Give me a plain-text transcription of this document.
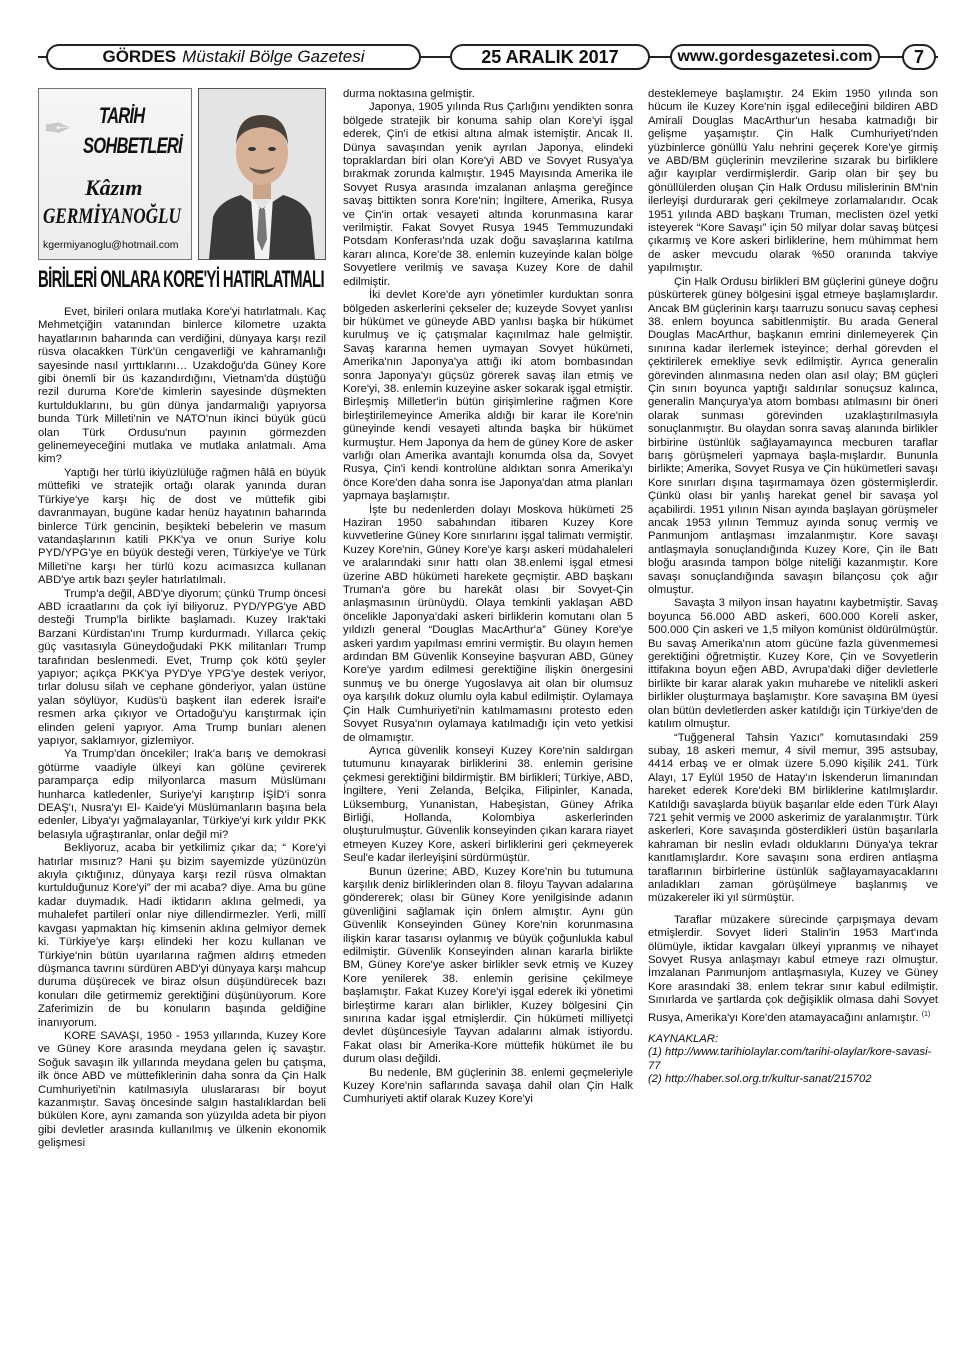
GÖRDES Müstakil Bölge Gazetesi	25 ARALIK 2017	www.gordesgazetesi.com	7
✒ TARİH
SOHBETLERİ
Kâzım
GERMİYANOĞLU
kgermiyanoglu@hotmail.com
BİRİLERİ ONLARA KORE'Yİ HATIRLATMALI

Evet, birileri onlara mutlaka Kore'yi hatırlatmalı. Kaç Mehmetçiğin vatanından binlerce kilometre uzakta hayatlarının baharında can verdiğini, dünyaya karşı rezil rüsva olacakken Türk'ün cengaverliği ve kahramanlığı sayesinde nasıl yırttıklarını… Uzakdoğu'da Güney Kore gibi önemli bir üs kazandırdığını, Vietnam'da düştüğü rezil duruma Kore'de kimlerin sayesinde düşmekten kurtulduklarını, bu gün dünya jandarmalığı yapıyorsa bunda Türk Milleti'nin ve NATO'nun ikinci büyük gücü olan Türk Ordusu'nun payının görmezden gelinemeyeceğini mutlaka ve mutlaka anlatmalı. Ama kim?

Yaptığı her türlü ikiyüzlülüğe rağmen hâlâ en büyük müttefiki ve stratejik ortağı olarak yanında duran Türkiye'ye karşı hiç de dost ve müttefik gibi davranmayan, bugüne kadar henüz hayatının baharında binlerce Türk gencinin, beşikteki bebelerin ve masum vatandaşlarının katili PKK'ya ve onun Suriye kolu PYD/YPG'ye en büyük desteği veren, Türkiye'ye ve Türk Milleti'ne karşı her türlü kozu acımasızca kullanan ABD'ye artık bazı şeyler hatırlatılmalı.

Trump'a değil, ABD'ye diyorum; çünkü Trump öncesi ABD icraatlarını da çok iyi biliyoruz. PYD/YPG'ye ABD desteği Trump'la birlikte başlamadı. Kuzey Irak'taki Barzani Kürdistan'ını Trump kurdurmadı. Yıllarca çekiç güç vasıtasıyla Güneydoğudaki PKK militanları Trump tarafından beslenmedi. Evet, Trump çok kötü şeyler yapıyor; açıkça PKK'ya PYD'ye YPG'ye destek veriyor, tırlar dolusu silah ve cephane gönderiyor, yalan üstüne yalan söylüyor, Kudüs'ü başkent ilan ederek İsrail'e resmen arka çıkıyor ve Ortadoğu'yu karıştırmak için elinden geleni yapıyor. Ama Trump bunları alenen yapıyor, saklamıyor, gizlemiyor.

Ya Trump'dan öncekiler; Irak'a barış ve demokrasi götürme vaadiyle ülkeyi kan gölüne çevirerek paramparça edip milyonlarca masum Müslümanı hunharca katledenler, Suriye'yi karıştırıp İŞİD'i sonra DEAŞ'ı, Nusra'yı El- Kaide'yi Müslümanların başına bela edenler, Libya'yı yağmalayanlar, Türkiye'yi kırk yıldır PKK belasıyla uğraştıranlar, onlar değil mi?

Bekliyoruz, acaba bir yetkilimiz çıkar da; “ Kore'yi hatırlar mısınız? Hani şu bizim sayemizde yüzünüzün akıyla çıktığınız, dünyaya karşı rezil rüsva olmaktan kurtulduğunuz Kore'yi” der mi acaba? diye. Ama bu güne kadar duymadık. Hadi iktidarın aklına gelmedi, ya muhalefet partileri onlar niye dillendirmezler. Yerli, millî kavgası yapmaktan hiç kimsenin aklına gelmiyor demek ki. Türkiye'ye karşı elindeki her kozu kullanan ve Türkiye'nin bütün uyarılarına rağmen aldırış etmeden düşmanca tavrını sürdüren ABD'yi dünyaya karşı mahcup duruma düşürecek ve biraz olsun düşündürecek bazı konuları dile getirmemiz gerektiğini düşünüyorum. Kore Zaferimizin de bu konuların başında geldiğine inanıyorum.

KORE SAVAŞI, 1950 - 1953 yıllarında, Kuzey Kore ve Güney Kore arasında meydana gelen iç savaştır. Soğuk savaşın ilk yıllarında meydana gelen bu çatışma, ilk önce ABD ve müttefiklerinin daha sonra da Çin Halk Cumhuriyeti'nin katılmasıyla uluslararası bir boyut kazanmıştır. Savaş öncesinde salgın hastalıklardan beli bükülen Kore, aynı zamanda son yüzyılda adeta bir piyon gibi devletler arasında kullanılmış ve ülkenin ekonomik gelişmesi

durma noktasına gelmiştir.

Japonya, 1905 yılında Rus Çarlığını yendikten sonra bölgede stratejik bir konuma sahip olan Kore'yi işgal ederek, Çin'i de etkisi altına almak istemiştir. Ancak II. Dünya savaşından yenik ayrılan Japonya, elindeki topraklardan biri olan Kore'yi ABD ve Sovyet Rusya'ya bırakmak zorunda kalmıştır. 1945 Mayısında Amerika ile Sovyet Rusya arasında imzalanan anlaşma gereğince savaş bittikten sonra Kore'nin; İngiltere, Amerika, Rusya ve Çin'in ortak vesayeti altında korunmasına karar verilmiştir. Fakat Sovyet Rusya 1945 Temmuzundaki Potsdam Konferası'nda uzak doğu savaşlarına katılma kararı alınca, Kore'de 38. enlemin kuzeyinde kalan bölge Sovyetlere verilmiş ve savaşa Kuzey Kore de dahil edilmiştir.

İki devlet Kore'de ayrı yönetimler kurduktan sonra bölgeden askerlerini çekseler de; kuzeyde Sovyet yanlısı bir hükümet ve güneyde ABD yanlısı başka bir hükümet kurulmuş ve iç çatışmalar kaçınılmaz hale gelmiştir. Savaş kararına hemen uymayan Sovyet hükümeti, Amerika'nın Japonya'ya attığı iki atom bombasından sonra Japonya'yı güçsüz görerek savaş ilan etmiş ve Kore'yi, 38. enlemin kuzeyine asker sokarak işgal etmiştir. Birleşmiş Milletler'in bütün girişimlerine rağmen Kore birleştirilemeyince Amerika aldığı bir karar ile Kore'nin güneyinde kendi vesayeti altında başka bir hükümet kurmuştur. Hem Japonya da hem de güney Kore de asker varlığı olan Amerika avantajlı konumda olsa da, Sovyet Rusya, Çin'i kendi kontrolüne aldıktan sonra Amerika'yı önce Kore'den daha sonra ise Japonya'dan atma planları yapmaya başlamıştır.

İşte bu nedenlerden dolayı Moskova hükümeti 25 Haziran 1950 sabahından itibaren Kuzey Kore kuvvetlerine Güney Kore sınırlarını işgal talimatı vermiştir. Kuzey Kore'nin, Güney Kore'ye karşı askeri müdahaleleri ve aralarındaki sınır hattı olan 38.enlemi işgal etmesi üzerine ABD hükümeti harekete geçmiştir. ABD başkanı Truman'a göre bu harekât olası bir Sovyet-Çin anlaşmasının ürünüydü. Olaya temkinli yaklaşan ABD öncelikle Japonya'daki askeri birliklerin komutanı olan 5 yıldızlı general “Douglas MacArthur'a” Güney Kore'ye askeri yardım yapılması emrini vermiştir. Bu olayın hemen ardından BM Güvenlik Konseyine başvuran ABD, Güney Kore'ye yardım edilmesi gerektiğine ilişkin önergesini sunmuş ve bu önerge Yugoslavya ait olan bir olumsuz oya karşılık dokuz olumlu oyla kabul edilmiştir. Oylamaya Çin Halk Cumhuriyeti'nin katılmamasını protesto eden Sovyet Rusya'nın oylamaya katılmadığı için veto yetkisi de olmamıştır.

Ayrıca güvenlik konseyi Kuzey Kore'nin saldırgan tutumunu kınayarak birliklerini 38. enlemin gerisine çekmesi gerektiğini bildirmiştir. BM birlikleri; Türkiye, ABD, İngiltere, Yeni Zelanda, Belçika, Filipinler, Kanada, Lüksemburg, Yunanistan, Habeşistan, Güney Afrika Birliği, Hollanda, Kolombiya askerlerinden oluşturulmuştur. Güvenlik konseyinden çıkan karara riayet etmeyen Kuzey Kore, askeri birliklerini geri çekmeyerek Seul'e kadar ilerleyişini sürdürmüştür.

Bunun üzerine; ABD, Kuzey Kore'nin bu tutumuna karşılık deniz birliklerinden olan 8. filoyu Tayvan adalarına göndererek; olası bir Güney Kore yenilgisinde adanın güvenliğini sağlamak için önlem almıştır. Aynı gün Güvenlik Konseyinden Güney Kore'nin korunmasına ilişkin karar tasarısı oylanmış ve büyük çoğunlukla kabul edilmiştir. Güvenlik Konseyinden alınan kararla birlikte BM, Güney Kore'ye asker birlikler sevk etmiş ve Kuzey Kore yenilerek 38. enlemin gerisine çekilmeye başlamıştır. Fakat Kuzey Kore'yi işgal ederek iki yönetimi birleştirme kararı alan birlikler, Kuzey bölgesini Çin sınırına kadar işgal etmişlerdir. Çin hükümeti milliyetçi devlet düşüncesiyle Tayvan adalarını almak istiyordu. Fakat olası bir Amerika-Kore müttefik hükümet ile bu durum olası değildi.

Bu nedenle, BM güçlerinin 38. enlemi geçmeleriyle Kuzey Kore'nin saflarında savaşa dahil olan Çin Halk Cumhuriyeti aktif olarak Kuzey Kore'yi

desteklemeye başlamıştır. 24 Ekim 1950 yılında son hücum ile Kuzey Kore'nin işgal edileceğini bildiren ABD Amirali Douglas MacArthur'un hesaba katmadığı bir gelişme yaşamıştır. Çin Halk Cumhuriyeti'nden yüzbinlerce gönüllü Yalu nehrini geçerek Kore'ye girmiş ve ABD/BM güçlerinin mevzilerine sızarak bu birliklere ağır kayıplar verdirmişlerdir. Garip olan bir şey bu gönüllülerden oluşan Çin Halk Ordusu milislerinin BM'nin ilerleyişi durdurarak geri çekilmeye zorlamalarıdır. Ocak 1951 yılında ABD başkanı Truman, meclisten özel yetki isteyerek “Kore Savaşı” için 50 milyar dolar savaş bütçesi çıkarmış ve Kore askeri birliklerine, hem mühimmat hem de asker mevcudu olarak %50 oranında takviye yapılmıştır.

Çin Halk Ordusu birlikleri BM güçlerini güneye doğru püskürterek güney bölgesini işgal etmeye başlamışlardır. Ancak BM güçlerinin karşı taarruzu sonucu savaş cephesi 38. enlem boyunca sabitlenmiştir. Bu arada General Douglas MacArthur, başkanın emrini dinlemeyerek Çin sınırına kadar ilerlemek isteyince; derhal görevden el çektirilerek emekliye sevk edilmiştir. Ayrıca generalin görevinden alınmasına neden olan asıl olay; BM güçleri Çin sınırı boyunca yaptığı saldırılar sonuçsuz kalınca, generalin Mançurya'ya atom bombası atılmasını bir öneri olarak sunması görevinden uzaklaştırılmasıyla sonuçlanmıştır. Bu olaydan sonra savaş alanında birlikler birbirine üstünlük sağlayamayınca mecburen taraflar barış görüşmeleri yapmaya başla-mışlardır. Bununla birlikte; Amerika, Sovyet Rusya ve Çin hükümetleri savaşı Kore sınırları dışına taşırmamaya özen göstermişlerdir. Çünkü olası bir yanlış harekat genel bir savaşa yol açabilirdi. 1951 yılının Nisan ayında başlayan görüşmeler ancak 1953 yılının Temmuz ayında sonuç vermiş ve Panmunjom antlaşması imzalanmıştır. Kore savaşı antlaşmayla sonuçlandığında Kuzey Kore, Çin ile Batı bloğu arasında tampon bölge niteliği kazanmıştır. Kore savaşı sonuçlandığında savaşın bilançosu çok ağır olmuştur.

Savaşta 3 milyon insan hayatını kaybetmiştir. Savaş boyunca 56.000 ABD askeri, 600.000 Koreli asker, 500.000 Çin askeri ve 1,5 milyon komünist öldürülmüştür. Bu savaş Amerika'nın atom gücüne fazla güvenmemesi gerektiğini öğretmiştir. Kuzey Kore, Çin ve Sovyetlerin ittifakına boyun eğen ABD, Avrupa'daki diğer devletlerle birlikte bir karar alarak yakın muharebe ve nitelikli askeri birlikler oluşturmaya başlamıştır. Kore savaşına BM üyesi olan bütün devletlerden asker katıldığı için Türkiye'den de katılım olmuştur.

“Tuğgeneral Tahsin Yazıcı” komutasındaki 259 subay, 18 askeri memur, 4 sivil memur, 395 astsubay, 4414 erbaş ve er olmak üzere 5.090 kişilik 241. Türk Alayı, 17 Eylül 1950 de Hatay'ın İskenderun limanından hareket ederek Kore'deki BM birliklerine katılmışlardır. Katıldığı savaşlarda büyük başarılar elde eden Türk Alayı 721 şehit vermiş ve 2000 askerimiz de yaralanmıştır. Türk askerleri, Kore savaşında gösterdikleri üstün başarılarla kahraman bir neslin evladı olduklarını Dünya'ya tekrar kanıtlamışlardır. Kore savaşını sona erdiren antlaşma taraflarının birbirlerine üstünlük sağlayamayacaklarını anladıkları zaman görüşülmeye başlanmış ve müzakereler iki yıl sürmüştür.

Taraflar müzakere sürecinde çarpışmaya devam etmişlerdir. Sovyet lideri Stalin'in 1953 Mart'ında ölümüyle, iktidar kavgaları ülkeyi yıpranmış ve nihayet Sovyet Rusya anlaşmayı kabul etmeye razı olmuştur. İmzalanan Panmunjom antlaşmasıyla, Kuzey ve Güney Kore arasındaki 38. enlem tekrar sınır kabul edilmiştir. Sınırlarda ve şartlarda çok değişiklik olmasa dahi Sovyet Rusya, Amerika'yı Kore'den atamayacağını anlamıştır. $^{(1)}$

KAYNAKLAR:
(1) http://www.tarihiolaylar.com/tarihi-olaylar/kore-savasi-77
(2) http://haber.sol.org.tr/kultur-sanat/215702
